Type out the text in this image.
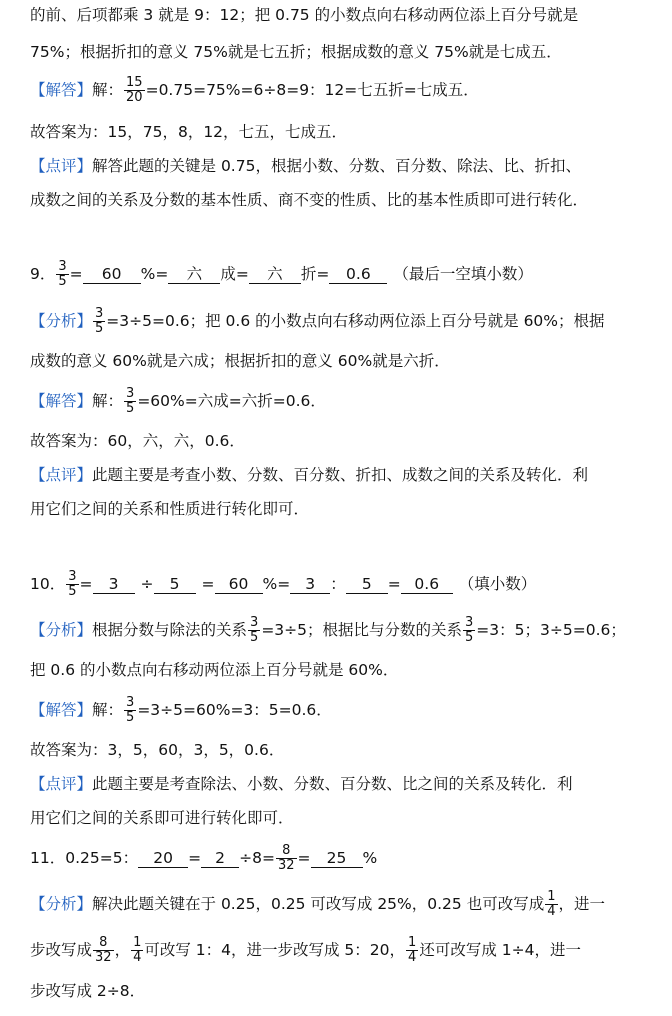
的前、后项都乘 3 就是 9：12；把 0.75 的小数点向右移动两位添上百分号就是
75%；根据折扣的意义 75%就是七五折；根据成数的意义 75%就是七成五．
【解答】解： $\frac{15}{20} =0.75=75\%=6\div 8=9$：12=七五折=七成五．
故答案为：15，75，8，12，七五，七成五．
【点评】解答此题的关键是 0.75，根据小数、分数、百分数、除法、比、折扣、
成数之间的关系及分数的基本性质、商不变的性质、比的基本性质即可进行转化．
9． $\frac{3}{5} = 60$ %= 六 成= 六 折= 0.6 （最后一空填小数）
【分析】 $\frac{3}{5} =3\div 5=0.6$；把 0.6 的小数点向右移动两位添上百分号就是 60%；根据
成数的意义 60%就是六成；根据折扣的意义 60%就是六折．
【解答】解： $\frac{3}{5} =60\%=$六成=六折=0.6．
故答案为：60，六，六，0.6．
【点评】此题主要是考查小数、分数、百分数、折扣、成数之间的关系及转化．利
用它们之间的关系和性质进行转化即可．
10． $\frac{3}{5} = 3 \div 5 = 60$ %= 3 ： 5 = 0.6 （填小数）
【分析】根据分数与除法的关系 $\frac{3}{5} =3\div 5$；根据比与分数的关系 $\frac{3}{5} =3$：5；3÷5=0.6；
把 0.6 的小数点向右移动两位添上百分号就是 60%．
【解答】解： $\frac{3}{5} =3\div 5=60\%=3$：5=0.6．
故答案为：3，5，60，3，5，0.6．
【点评】此题主要是考查除法、小数、分数、百分数、比之间的关系及转化．利
用它们之间的关系即可进行转化即可．
11．0.25=5： $20 = 2 \div 8= \frac{8}{32} = 25$ %
【分析】解决此题关键在于 0.25，0.25 可改写成 25%，0.25 也可改写成 $\frac{1}{4}$ ，进一
步改写成 $\frac{8}{32}$ ， $\frac{1}{4}$ 可改写 1：4，进一步改写成 5：20， $\frac{1}{4}$ 还可改写成 1÷4，进一
步改写成 2÷8．
